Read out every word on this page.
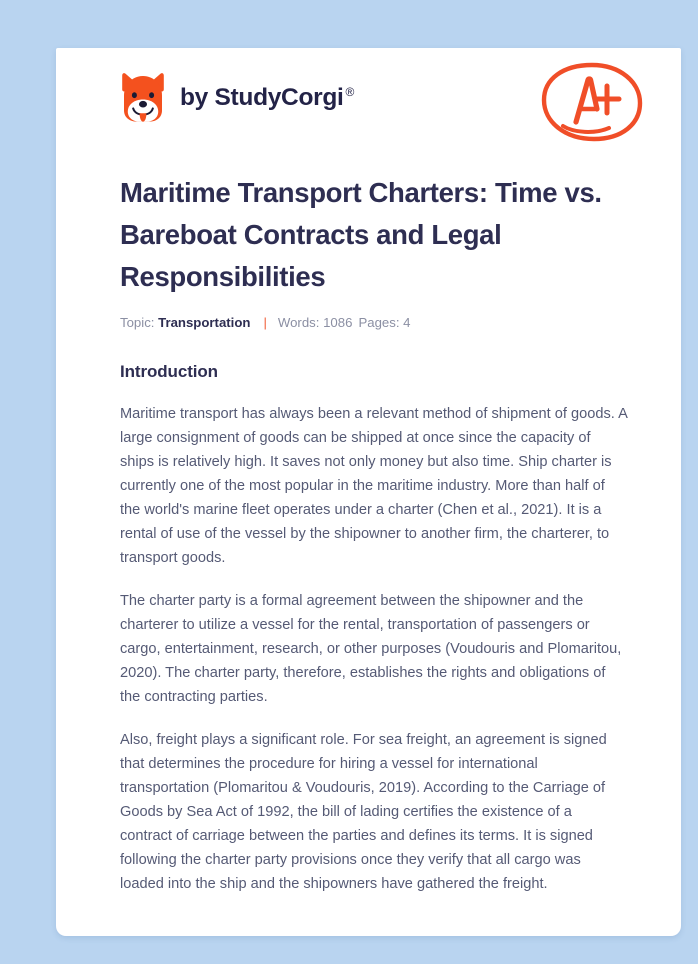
by StudyCorgi ®
Maritime Transport Charters: Time vs. Bareboat Contracts and Legal Responsibilities
Topic: Transportation | Words: 1086 Pages: 4
Introduction

Maritime transport has always been a relevant method of shipment of goods. A large consignment of goods can be shipped at once since the capacity of ships is relatively high. It saves not only money but also time. Ship charter is currently one of the most popular in the maritime industry. More than half of the world's marine fleet operates under a charter (Chen et al., 2021). It is a rental of use of the vessel by the shipowner to another firm, the charterer, to transport goods.

The charter party is a formal agreement between the shipowner and the charterer to utilize a vessel for the rental, transportation of passengers or cargo, entertainment, research, or other purposes (Voudouris and Plomaritou, 2020). The charter party, therefore, establishes the rights and obligations of the contracting parties.

Also, freight plays a significant role. For sea freight, an agreement is signed that determines the procedure for hiring a vessel for international transportation (Plomaritou & Voudouris, 2019). According to the Carriage of Goods by Sea Act of 1992, the bill of lading certifies the existence of a contract of carriage between the parties and defines its terms. It is signed following the charter party provisions once they verify that all cargo was loaded into the ship and the shipowners have gathered the freight.
